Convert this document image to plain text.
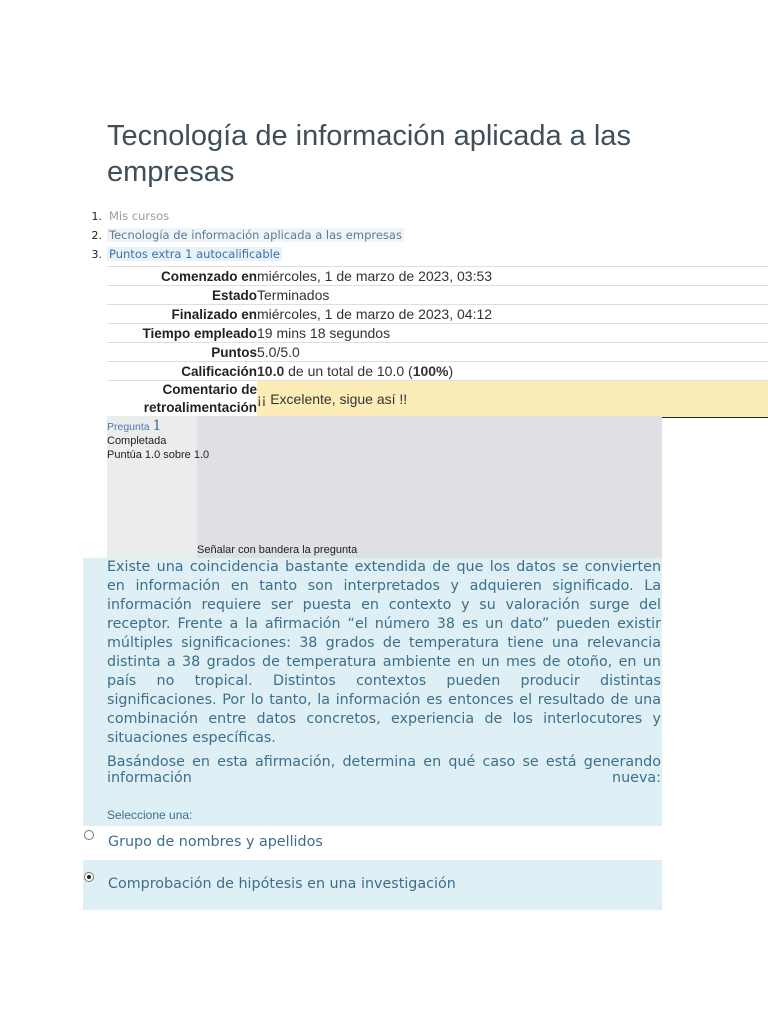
Tecnología de información aplicada a las empresas
1. Mis cursos
2. Tecnología de información aplicada a las empresas
3. Puntos extra 1 autocalificable
Comenzado en	miércoles, 1 de marzo de 2023, 03:53
Estado	Terminados
Finalizado en	miércoles, 1 de marzo de 2023, 04:12
Tiempo empleado	19 mins 18 segundos
Puntos	5.0/5.0
Calificación	10.0 de un total de 10.0 (100%)
Comentario de
retroalimentación	¡¡ Excelente, sigue así !!
Pregunta 1
Completada
Puntúa 1.0 sobre 1.0
Señalar con bandera la pregunta

Existe una coincidencia bastante extendida de que los datos se convierten en información en tanto son interpretados y adquieren significado. La información requiere ser puesta en contexto y su valoración surge del receptor. Frente a la afirmación “el número 38 es un dato” pueden existir múltiples significaciones: 38 grados de temperatura tiene una relevancia distinta a 38 grados de temperatura ambiente en un mes de otoño, en un país no tropical. Distintos contextos pueden producir distintas significaciones. Por lo tanto, la información es entonces el resultado de una combinación entre datos concretos, experiencia de los interlocutores y situaciones específicas.

Basándose en esta afirmación, determina en qué caso se está generando información nueva:

Seleccione una:
Grupo de nombres y apellidos
Comprobación de hipótesis en una investigación
